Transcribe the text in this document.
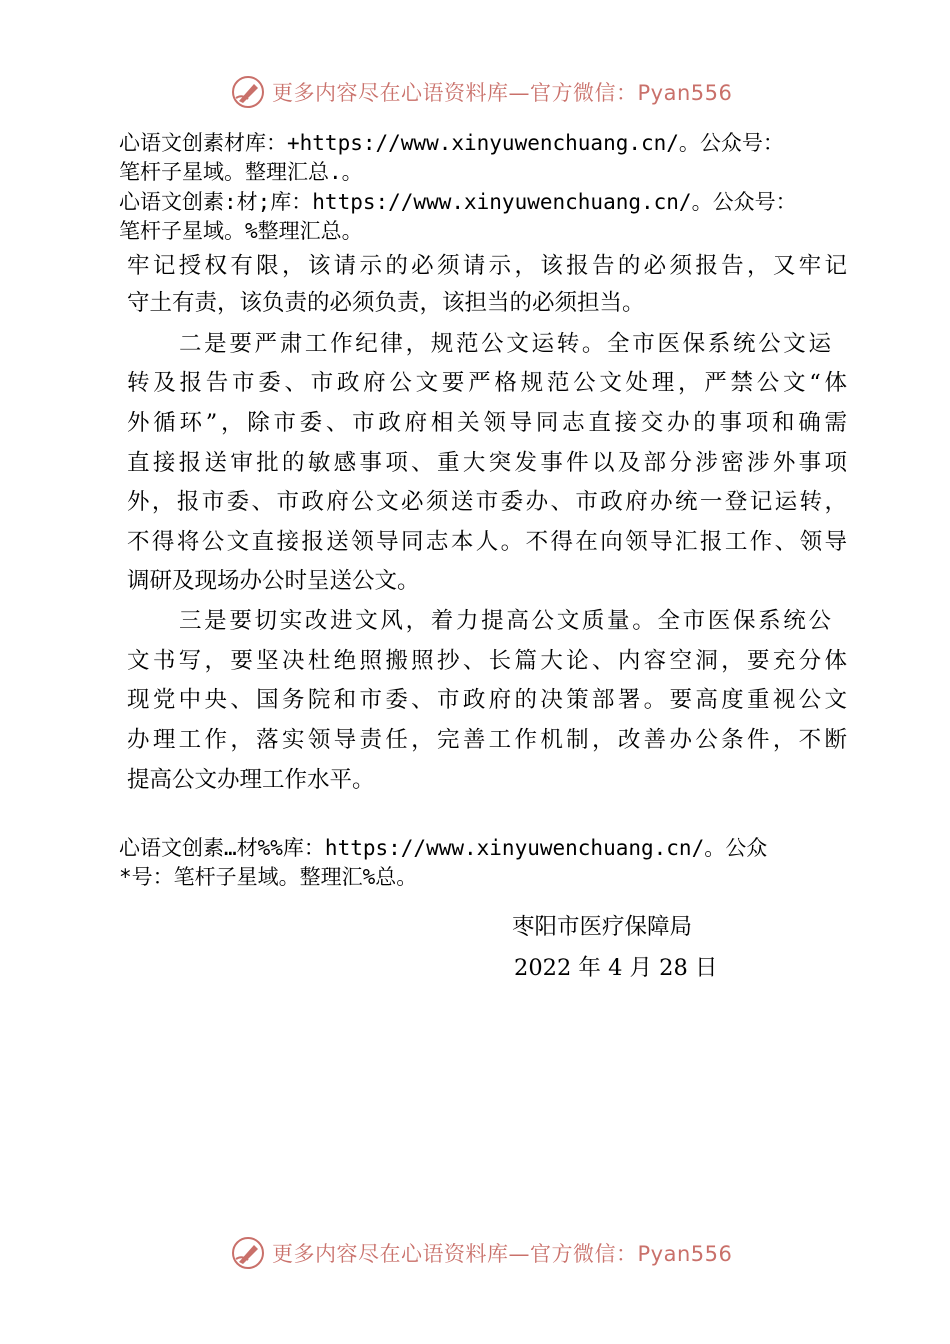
更多内容尽在心语资料库—官方微信：Pyan556
心语文创素材库：+https://www.xinyuwenchuang.cn/。公众号：
笔杆子星域。整理汇总.。
心语文创素:材;库：https://www.xinyuwenchuang.cn/。公众号：
笔杆子星域。%整理汇总。
牢记授权有限，该请示的必须请示，该报告的必须报告，又牢记
守土有责，该负责的必须负责，该担当的必须担当。
二是要严肃工作纪律，规范公文运转。全市医保系统公文运
转及报告市委、市政府公文要严格规范公文处理，严禁公文“体
外循环”，除市委、市政府相关领导同志直接交办的事项和确需
直接报送审批的敏感事项、重大突发事件以及部分涉密涉外事项
外，报市委、市政府公文必须送市委办、市政府办统一登记运转，
不得将公文直接报送领导同志本人。不得在向领导汇报工作、领导
调研及现场办公时呈送公文。
三是要切实改进文风，着力提高公文质量。全市医保系统公
文书写，要坚决杜绝照搬照抄、长篇大论、内容空洞，要充分体
现党中央、国务院和市委、市政府的决策部署。要高度重视公文
办理工作，落实领导责任，完善工作机制，改善办公条件，不断
提高公文办理工作水平。
心语文创素…材%%库：https://www.xinyuwenchuang.cn/。公众
*号：笔杆子星域。整理汇%总。
枣阳市医疗保障局
2022 年 4 月 28 日
更多内容尽在心语资料库—官方微信：Pyan556
